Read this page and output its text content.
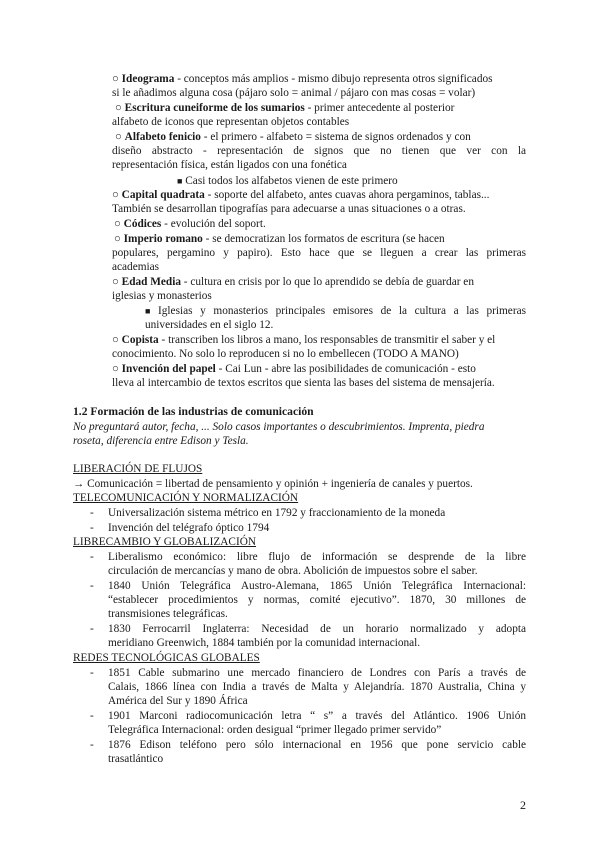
○ Ideograma - conceptos más amplios - mismo dibujo representa otros significados
si le añadimos alguna cosa (pájaro solo = animal / pájaro con mas cosas = volar)
○ Escritura cuneiforme de los sumarios - primer antecedente al posterior
alfabeto de iconos que representan objetos contables
○ Alfabeto fenicio - el primero - alfabeto = sistema de signos ordenados y con
diseño abstracto - representación de signos que no tienen que ver con la
representación física, están ligados con una fonética
■ Casi todos los alfabetos vienen de este primero
○ Capital quadrata - soporte del alfabeto, antes cuavas ahora pergaminos, tablas...
También se desarrollan tipografías para adecuarse a unas situaciones o a otras.
○ Códices - evolución del soport.
○ Imperio romano - se democratizan los formatos de escritura (se hacen
populares, pergamino y papiro). Esto hace que se lleguen a crear las primeras
academias
○ Edad Media - cultura en crisis por lo que lo aprendido se debía de guardar en
iglesias y monasterios
■ Iglesias y monasterios principales emisores de la cultura a las primeras
universidades en el siglo 12.
○ Copista - transcriben los libros a mano, los responsables de transmitir el saber y el
conocimiento. No solo lo reproducen si no lo embellecen (TODO A MANO)
○ Invención del papel - Cai Lun - abre las posibilidades de comunicación - esto
lleva al intercambio de textos escritos que sienta las bases del sistema de mensajería.
1.2 Formación de las industrias de comunicación
No preguntará autor, fecha, ... Solo casos importantes o descubrimientos. Imprenta, piedra
roseta, diferencia entre Edison y Tesla.
LIBERACIÓN DE FLUJOS
→ Comunicación = libertad de pensamiento y opinión + ingeniería de canales y puertos.
TELECOMUNICACIÓN Y NORMALIZACIÓN
- Universalización sistema métrico en 1792 y fraccionamiento de la moneda
- Invención del telégrafo óptico 1794
LIBRECAMBIO Y GLOBALIZACIÓN
- Liberalismo económico: libre flujo de información se desprende de la libre
circulación de mercancías y mano de obra. Abolición de impuestos sobre el saber.
- 1840 Unión Telegráfica Austro-Alemana, 1865 Unión Telegráfica Internacional:
“establecer procedimientos y normas, comité ejecutivo”. 1870, 30 millones de
transmisiones telegráficas.
- 1830 Ferrocarril Inglaterra: Necesidad de un horario normalizado y adopta
meridiano Greenwich, 1884 también por la comunidad internacional.
REDES TECNOLÓGICAS GLOBALES
- 1851 Cable submarino une mercado financiero de Londres con París a través de
Calais, 1866 línea con India a través de Malta y Alejandría. 1870 Australia, China y
América del Sur y 1890 África
- 1901 Marconi radiocomunicación letra “ s” a través del Atlántico. 1906 Unión
Telegráfica Internacional: orden desigual “primer llegado primer servido”
- 1876 Edison teléfono pero sólo internacional en 1956 que pone servicio cable
trasatlántico
2
